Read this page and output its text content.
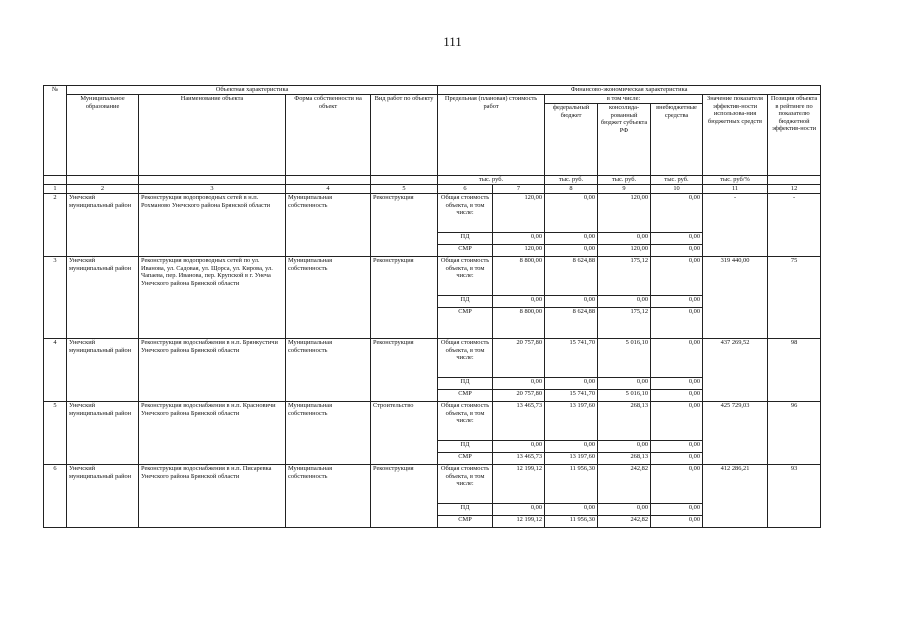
111
№	Объектная характеристика				Финансово-экономическая характеристика						
	Муниципальное образование	Наименование объекта	Форма собственности на объект	Вид работ по объекту	Предельная (плановая) стоимость работ		в том числе:			Значение показателя эффектив-ности использова-ния бюджетных средств	Позиция объекта в рейтинге по показателю бюджетной эффектив-ности
							федеральный бюджет	консолида-рованный бюджет субъекта РФ	внебюджетные средства		
					тыс. руб.		тыс. руб.	тыс. руб.	тыс. руб.	тыс. руб/%	
1	2	3	4	5	6	7	8	9	10	11	12
2	Унечский муниципальный район	Реконструкция водопроводных сетей в н.п. Рохманово Унечского района Брянской области	Муниципальная собственность	Реконструкция	Общая стоимость объекта, в том числе:	120,00	0,00	120,00	0,00	-	-
					ПД	0,00	0,00	0,00	0,00		
					СМР	120,00	0,00	120,00	0,00		
3	Унечский муниципальный район	Реконструкция водопроводных сетей по ул. Иванова, ул. Садовая, ул. Щорса, ул. Кирова, ул. Чапаева, пер. Иванова, пер. Крупской в г. Унеча Унечского района Брянской области	Муниципальная собственность	Реконструкция	Общая стоимость объекта, в том числе:	8 800,00	8 624,88	175,12	0,00	319 440,00	75
					ПД	0,00	0,00	0,00	0,00		
					СМР	8 800,00	8 624,88	175,12	0,00		
4	Унечский муниципальный район	Реконструкция водоснабжения в н.п. Брянкустичи Унечского района Брянской области	Муниципальная собственность	Реконструкция	Общая стоимость объекта, в том числе:	20 757,80	15 741,70	5 016,10	0,00	437 269,52	98
					ПД	0,00	0,00	0,00	0,00		
					СМР	20 757,80	15 741,70	5 016,10	0,00		
5	Унечский муниципальный район	Реконструкция водоснабжения в н.п. Красновичи Унечского района Брянской области	Муниципальная собственность	Строительство	Общая стоимость объекта, в том числе:	13 465,73	13 197,60	268,13	0,00	425 729,03	96
					ПД	0,00	0,00	0,00	0,00		
					СМР	13 465,73	13 197,60	268,13	0,00		
6	Унечский муниципальный район	Реконструкция водоснабжения в н.п. Писаревка Унечского района Брянской области	Муниципальная собственность	Реконструкция	Общая стоимость объекта, в том числе:	12 199,12	11 956,30	242,82	0,00	412 286,21	93
					ПД	0,00	0,00	0,00	0,00		
					СМР	12 199,12	11 956,30	242,82	0,00		
